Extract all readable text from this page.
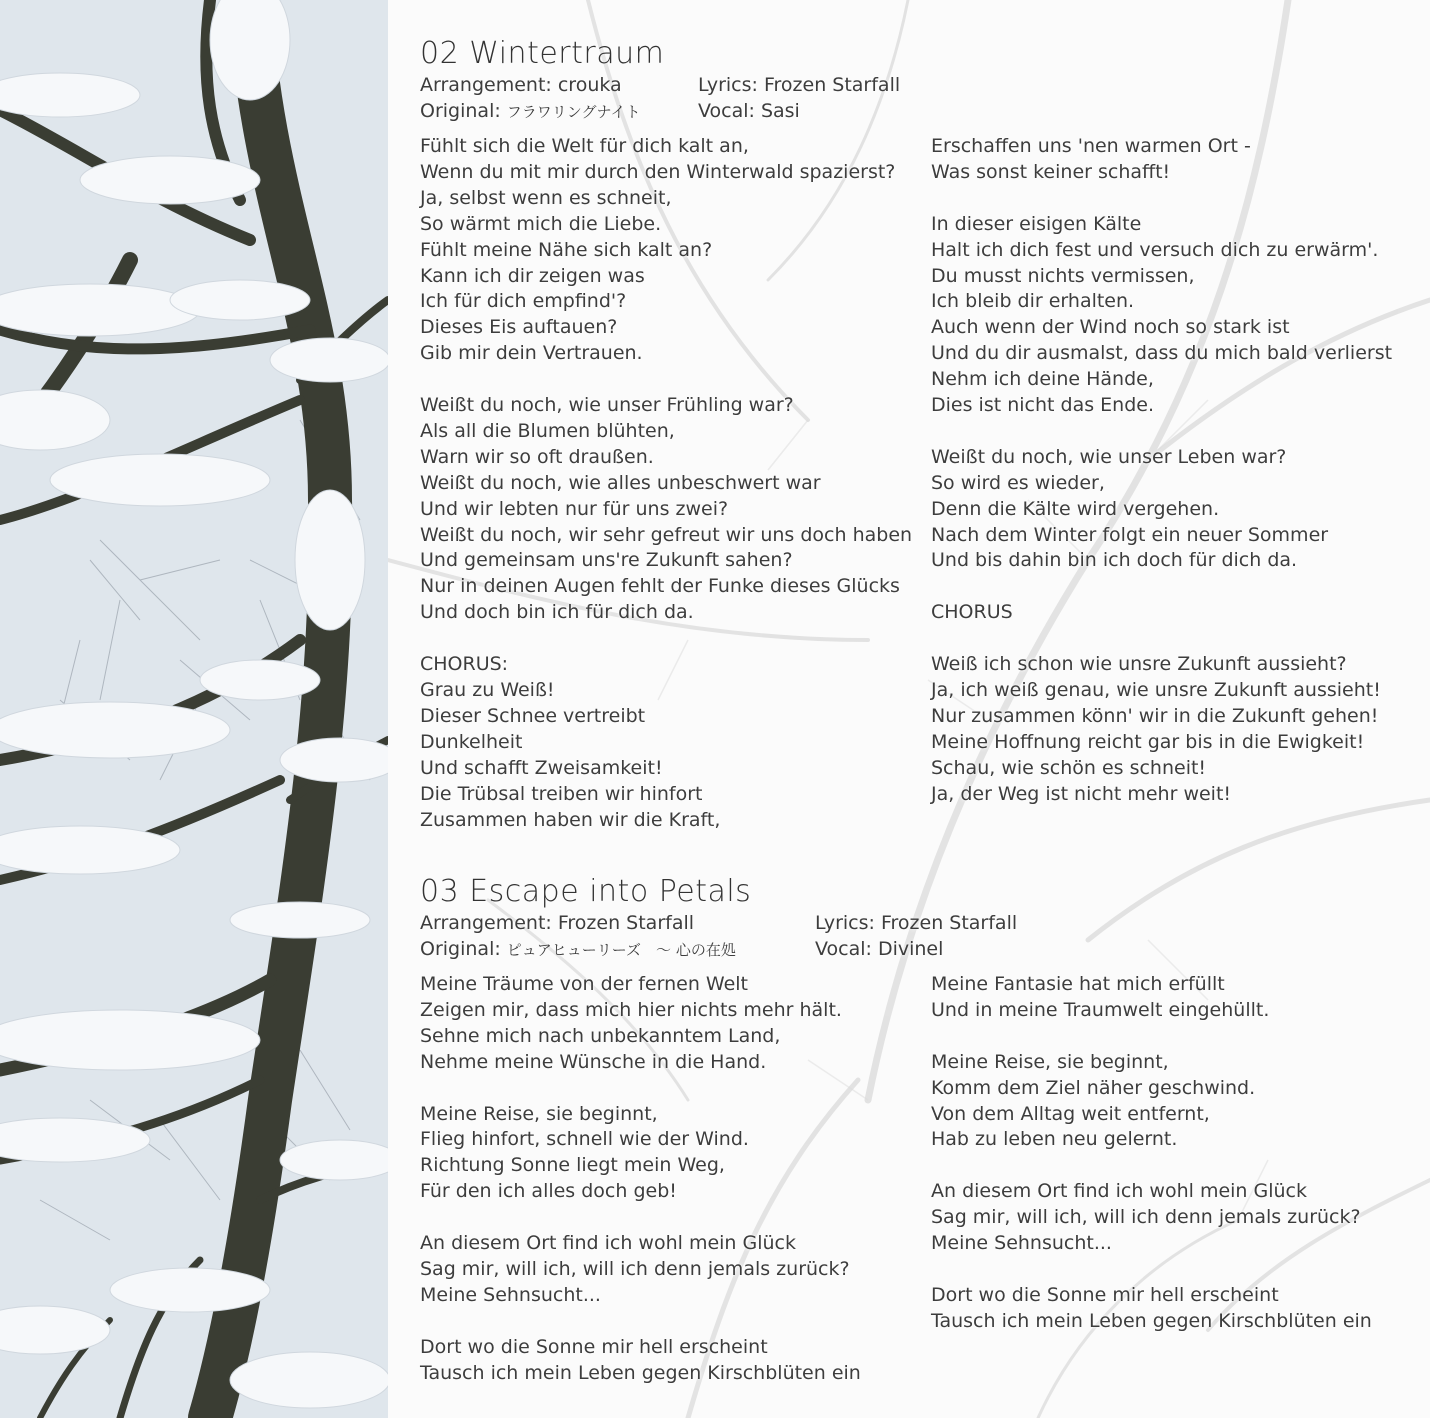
02 Wintertraum
Arrangement: crouka
Original: フラワリングナイト
Lyrics: Frozen Starfall
Vocal: Sasi
Fühlt sich die Welt für dich kalt an,
Wenn du mit mir durch den Winterwald spazierst?
Ja, selbst wenn es schneit,
So wärmt mich die Liebe.
Fühlt meine Nähe sich kalt an?
Kann ich dir zeigen was
Ich für dich empfind'?
Dieses Eis auftauen?
Gib mir dein Vertrauen.
Weißt du noch, wie unser Frühling war?
Als all die Blumen blühten,
Warn wir so oft draußen.
Weißt du noch, wie alles unbeschwert war
Und wir lebten nur für uns zwei?
Weißt du noch, wir sehr gefreut wir uns doch haben
Und gemeinsam uns're Zukunft sahen?
Nur in deinen Augen fehlt der Funke dieses Glücks
Und doch bin ich für dich da.
CHORUS:
Grau zu Weiß!
Dieser Schnee vertreibt
Dunkelheit
Und schafft Zweisamkeit!
Die Trübsal treiben wir hinfort
Zusammen haben wir die Kraft,
Erschaffen uns 'nen warmen Ort -
Was sonst keiner schafft!
In dieser eisigen Kälte
Halt ich dich fest und versuch dich zu erwärm'.
Du musst nichts vermissen,
Ich bleib dir erhalten.
Auch wenn der Wind noch so stark ist
Und du dir ausmalst, dass du mich bald verlierst
Nehm ich deine Hände,
Dies ist nicht das Ende.
Weißt du noch, wie unser Leben war?
So wird es wieder,
Denn die Kälte wird vergehen.
Nach dem Winter folgt ein neuer Sommer
Und bis dahin bin ich doch für dich da.
CHORUS
Weiß ich schon wie unsre Zukunft aussieht?
Ja, ich weiß genau, wie unsre Zukunft aussieht!
Nur zusammen könn' wir in die Zukunft gehen!
Meine Hoffnung reicht gar bis in die Ewigkeit!
Schau, wie schön es schneit!
Ja, der Weg ist nicht mehr weit!
03 Escape into Petals
Arrangement: Frozen Starfall
Original: ピュアヒューリーズ　～ 心の在処
Lyrics: Frozen Starfall
Vocal: Divinel
Meine Träume von der fernen Welt
Zeigen mir, dass mich hier nichts mehr hält.
Sehne mich nach unbekanntem Land,
Nehme meine Wünsche in die Hand.
Meine Reise, sie beginnt,
Flieg hinfort, schnell wie der Wind.
Richtung Sonne liegt mein Weg,
Für den ich alles doch geb!
An diesem Ort find ich wohl mein Glück
Sag mir, will ich, will ich denn jemals zurück?
Meine Sehnsucht...
Dort wo die Sonne mir hell erscheint
Tausch ich mein Leben gegen Kirschblüten ein
Meine Fantasie hat mich erfüllt
Und in meine Traumwelt eingehüllt.
Meine Reise, sie beginnt,
Komm dem Ziel näher geschwind.
Von dem Alltag weit entfernt,
Hab zu leben neu gelernt.
An diesem Ort find ich wohl mein Glück
Sag mir, will ich, will ich denn jemals zurück?
Meine Sehnsucht...
Dort wo die Sonne mir hell erscheint
Tausch ich mein Leben gegen Kirschblüten ein
